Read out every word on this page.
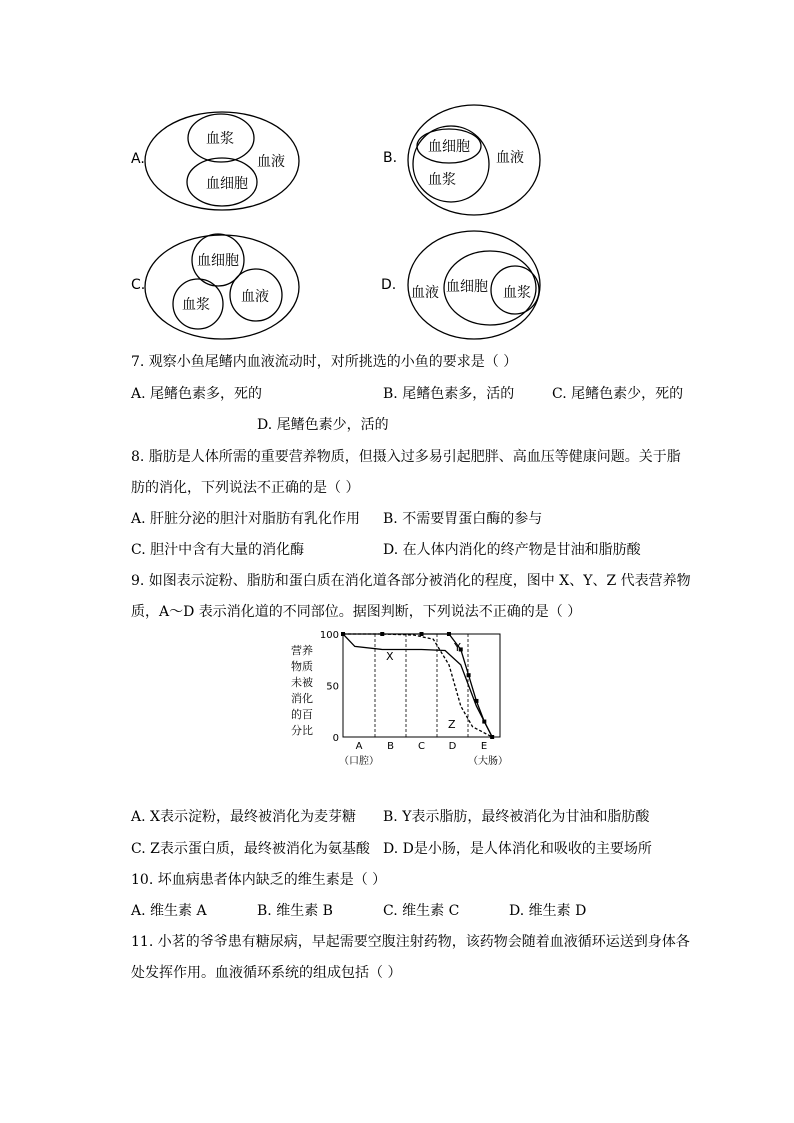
A.
血浆
血细胞
血液	B.
血细胞
血浆
血液
C.
血细胞
血浆 血液
D. 血液 血细胞 血浆
7. 观察小鱼尾鳍内血液流动时，对所挑选的小鱼的要求是（ ）
A. 尾鳍色素多，死的	B. 尾鳍色素多，活的	C. 尾鳍色素少，死的
D. 尾鳍色素少，活的
8. 脂肪是人体所需的重要营养物质，但摄入过多易引起肥胖、高血压等健康问题。关于脂
肪的消化，下列说法不正确的是（ ）
A. 肝脏分泌的胆汁对脂肪有乳化作用 B. 不需要胃蛋白酶的参与
C. 胆汁中含有大量的消化酶	D. 在人体内消化的终产物是甘油和脂肪酸
9. 如图表示淀粉、脂肪和蛋白质在消化道各部分被消化的程度，图中 X、Y、Z 代表营养物
质，A～D 表示消化道的不同部位。据图判断，下列说法不正确的是（ ）
0
50
100
营养
物质
未被
消化
的百
分比
A
（口腔）
B C D E
（大肠）
X
Y
Z
A. X表示淀粉，最终被消化为麦芽糖 B. Y表示脂肪，最终被消化为甘油和脂肪酸
C. Z表示蛋白质，最终被消化为氨基酸 D. D是小肠，是人体消化和吸收的主要场所
10. 坏血病患者体内缺乏的维生素是（ ）
A. 维生素 A	B. 维生素 B	C. 维生素 C	D. 维生素 D
11. 小茗的爷爷患有糖尿病，早起需要空腹注射药物，该药物会随着血液循环运送到身体各
处发挥作用。血液循环系统的组成包括（ ）
